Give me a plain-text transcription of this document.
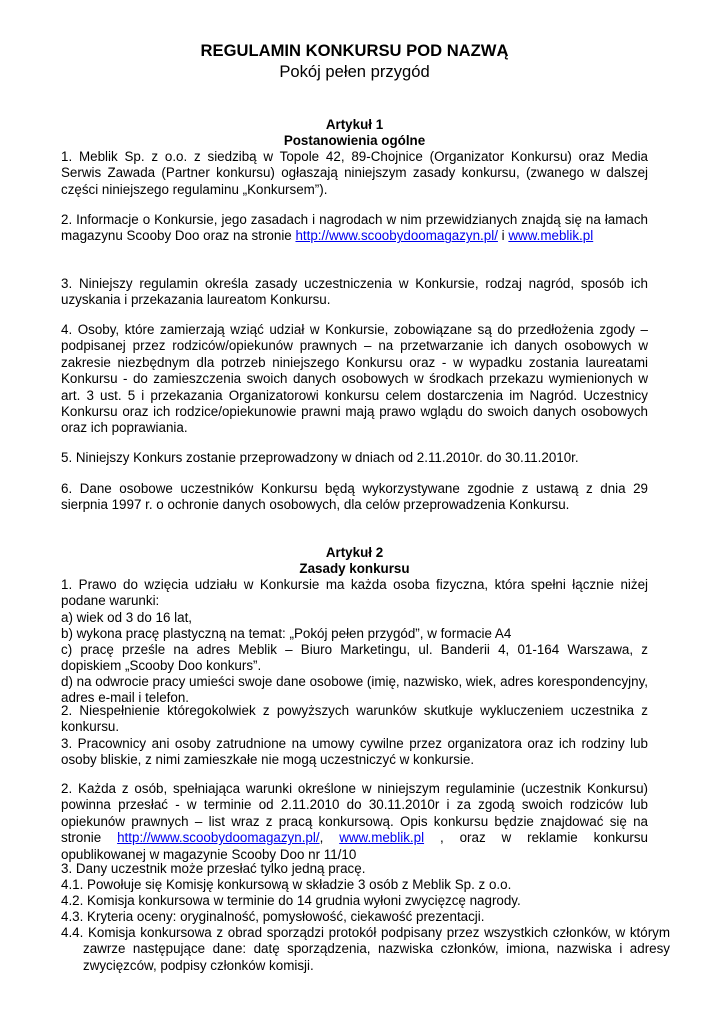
REGULAMIN KONKURSU POD NAZWĄ
Pokój pełen przygód
Artykuł 1
Postanowienia ogólne

1. Meblik Sp. z o.o. z siedzibą w Topole 42, 89-Chojnice (Organizator Konkursu) oraz Media Serwis Zawada (Partner konkursu) ogłaszają niniejszym zasady konkursu, (zwanego w dalszej części niniejszego regulaminu „Konkursem”).

2. Informacje o Konkursie, jego zasadach i nagrodach w nim przewidzianych znajdą się na łamach magazynu Scooby Doo oraz na stronie http://www.scoobydoomagazyn.pl/ i www.meblik.pl

3. Niniejszy regulamin określa zasady uczestniczenia w Konkursie, rodzaj nagród, sposób ich uzyskania i przekazania laureatom Konkursu.

4. Osoby, które zamierzają wziąć udział w Konkursie, zobowiązane są do przedłożenia zgody – podpisanej przez rodziców/opiekunów prawnych – na przetwarzanie ich danych osobowych w zakresie niezbędnym dla potrzeb niniejszego Konkursu oraz - w wypadku zostania laureatami Konkursu - do zamieszczenia swoich danych osobowych w środkach przekazu wymienionych w art. 3 ust. 5 i przekazania Organizatorowi konkursu celem dostarczenia im Nagród. Uczestnicy Konkursu oraz ich rodzice/opiekunowie prawni mają prawo wglądu do swoich danych osobowych oraz ich poprawiania.

5. Niniejszy Konkurs zostanie przeprowadzony w dniach od 2.11.2010r. do 30.11.2010r.

6. Dane osobowe uczestników Konkursu będą wykorzystywane zgodnie z ustawą z dnia 29 sierpnia 1997 r. o ochronie danych osobowych, dla celów przeprowadzenia Konkursu.

Artykuł 2
Zasady konkursu

1. Prawo do wzięcia udziału w Konkursie ma każda osoba fizyczna, która spełni łącznie niżej podane warunki:

a) wiek od 3 do 16 lat,
b) wykona pracę plastyczną na temat: „Pokój pełen przygód”, w formacie A4

c) pracę prześle na adres Meblik – Biuro Marketingu, ul. Banderii 4, 01-164 Warszawa, z dopiskiem „Scooby Doo konkurs”.

d) na odwrocie pracy umieści swoje dane osobowe (imię, nazwisko, wiek, adres korespondencyjny, adres e-mail i telefon.

2. Niespełnienie któregokolwiek z powyższych warunków skutkuje wykluczeniem uczestnika z konkursu.

3. Pracownicy ani osoby zatrudnione na umowy cywilne przez organizatora oraz ich rodziny lub osoby bliskie, z nimi zamieszkałe nie mogą uczestniczyć w konkursie.

2. Każda z osób, spełniająca warunki określone w niniejszym regulaminie (uczestnik Konkursu) powinna przesłać - w terminie od 2.11.2010 do 30.11.2010r i za zgodą swoich rodziców lub opiekunów prawnych – list wraz z pracą konkursową. Opis konkursu będzie znajdować się na stronie http://www.scoobydoomagazyn.pl/, www.meblik.pl , oraz w reklamie konkursu opublikowanej w magazynie Scooby Doo nr 11/10

3. Dany uczestnik może przesłać tylko jedną pracę.
4.1. Powołuje się Komisję konkursową w składzie 3 osób z Meblik Sp. z o.o.
4.2. Komisja konkursowa w terminie do 14 grudnia wyłoni zwycięzcę nagrody.
4.3. Kryteria oceny: oryginalność, pomysłowość, ciekawość prezentacji.

4.4. Komisja konkursowa z obrad sporządzi protokół podpisany przez wszystkich członków, w którym zawrze następujące dane: datę sporządzenia, nazwiska członków, imiona, nazwiska i adresy zwycięzców, podpisy członków komisji.
